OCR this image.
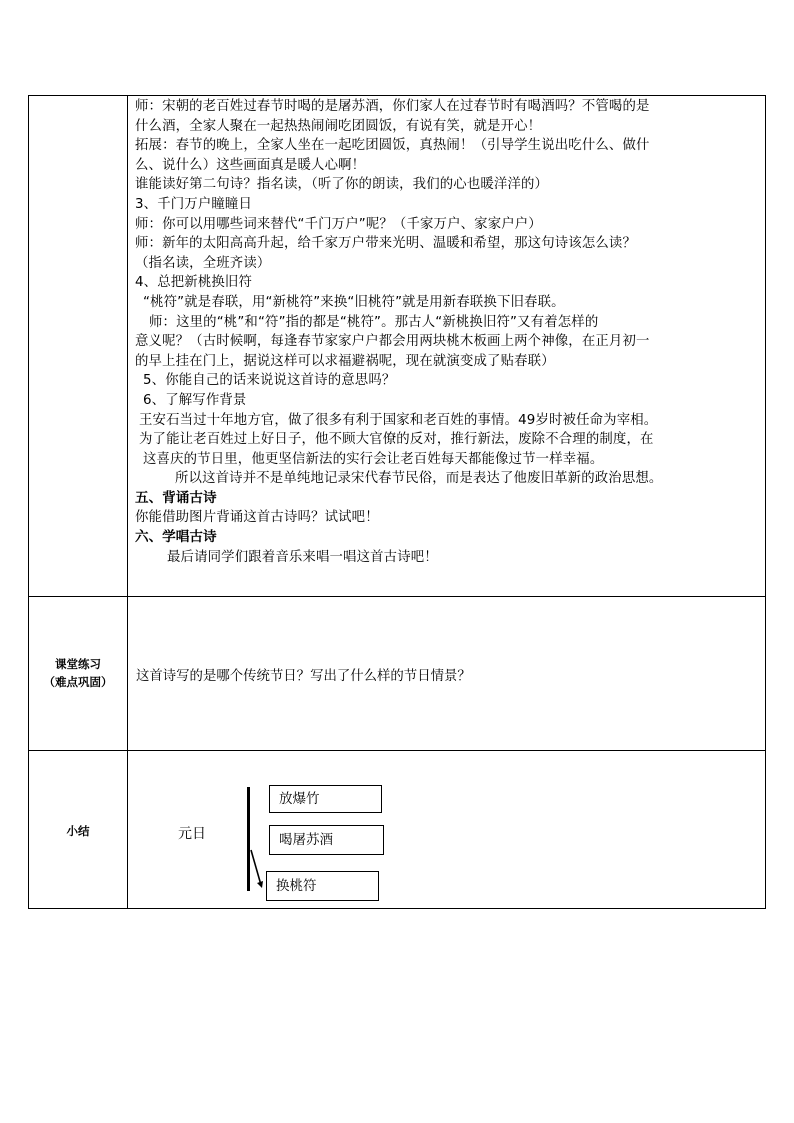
师：宋朝的老百姓过春节时喝的是屠苏酒，你们家人在过春节时有喝酒吗？不管喝的是
什么酒，全家人聚在一起热热闹闹吃团圆饭，有说有笑，就是开心！
拓展：春节的晚上，全家人坐在一起吃团圆饭，真热闹！（引导学生说出吃什么、做什
么、说什么）这些画面真是暖人心啊！
谁能读好第二句诗？指名读，（听了你的朗读，我们的心也暖洋洋的）
3、千门万户瞳瞳日
师：你可以用哪些词来替代“千门万户”呢？（千家万户、家家户户）
师：新年的太阳高高升起，给千家万户带来光明、温暖和希望，那这句诗该怎么读？
（指名读，全班齐读）
4、总把新桃换旧符
“桃符”就是春联，用“新桃符”来换“旧桃符”就是用新春联换下旧春联。
师：这里的“桃”和“符”指的都是“桃符”。那古人“新桃换旧符”又有着怎样的
意义呢？（古时候啊，每逢春节家家户户都会用两块桃木板画上两个神像，在正月初一
的早上挂在门上，据说这样可以求福避祸呢，现在就演变成了贴春联）
5、你能自己的话来说说这首诗的意思吗？
6、了解写作背景
王安石当过十年地方官，做了很多有利于国家和老百姓的事情。49岁时被任命为宰相。
为了能让老百姓过上好日子，他不顾大官僚的反对，推行新法，废除不合理的制度，在
这喜庆的节日里，他更坚信新法的实行会让老百姓每天都能像过节一样幸福。
所以这首诗并不是单纯地记录宋代春节民俗，而是表达了他废旧革新的政治思想。
五、背诵古诗
你能借助图片背诵这首古诗吗？试试吧！
六、学唱古诗
最后请同学们跟着音乐来唱一唱这首古诗吧！
课堂练习
（难点巩固）	这首诗写的是哪个传统节日？写出了什么样的节日情景？
小结	元日
放爆竹
喝屠苏酒
换桃符
